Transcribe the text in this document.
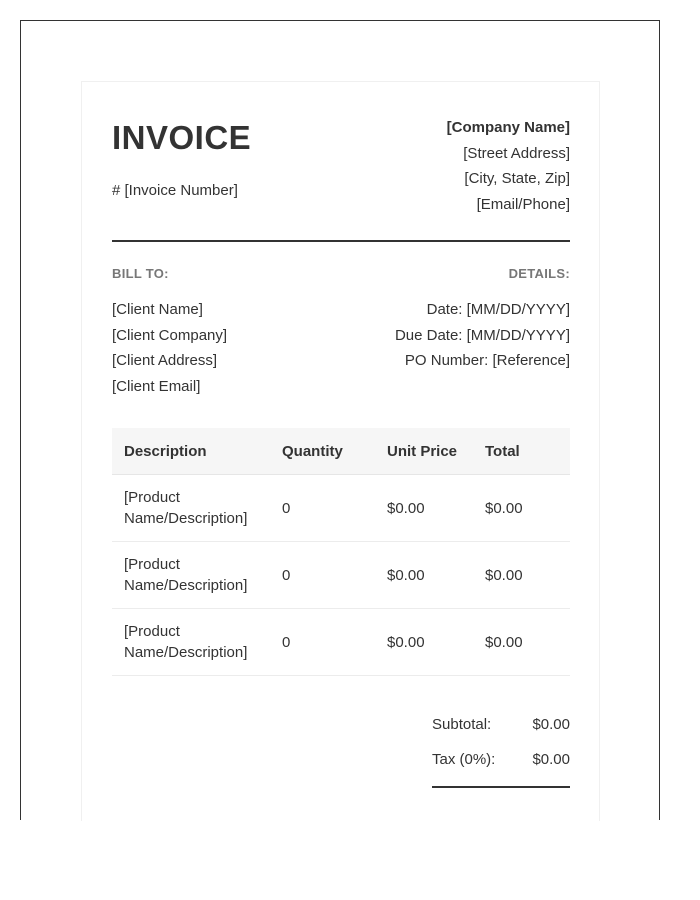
INVOICE
# [Invoice Number]
[Company Name]
[Street Address]
[City, State, Zip]
[Email/Phone]
BILL TO:	DETAILS:
[Client Name]
[Client Company]
[Client Address]
[Client Email]
Date: [MM/DD/YYYY]
Due Date: [MM/DD/YYYY]
PO Number: [Reference]
Description	Quantity	Unit Price	Total
[Product Name/Description]	0	$0.00	$0.00
[Product Name/Description]	0	$0.00	$0.00
[Product Name/Description]	0	$0.00	$0.00
Subtotal:	$0.00
Tax (0%): $0.00
